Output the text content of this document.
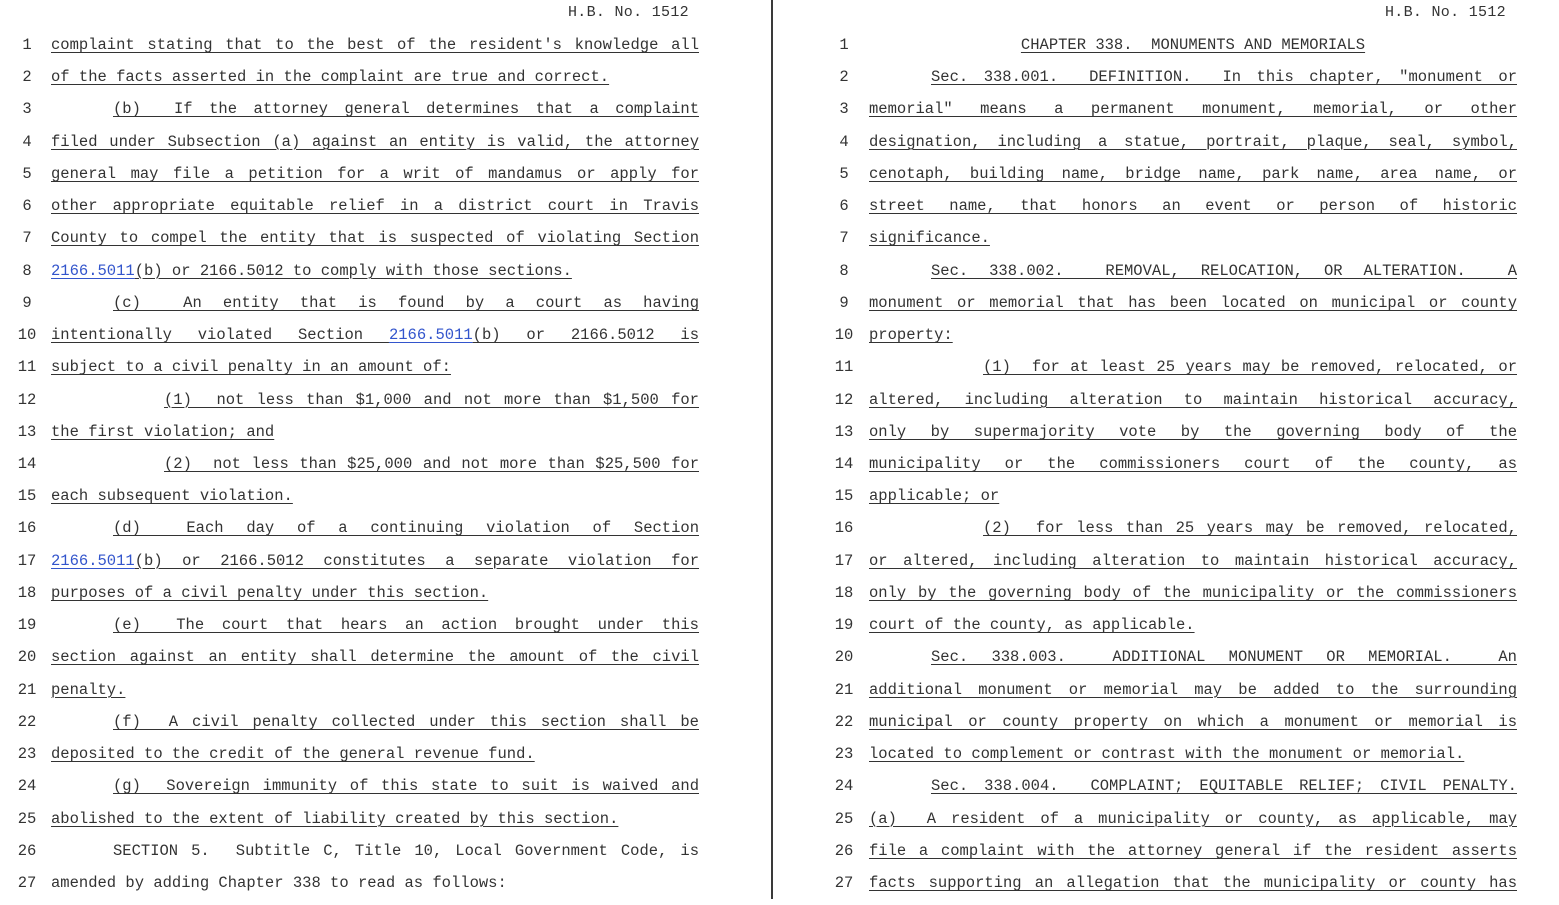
H.B. No. 1512
1	complaint stating that to the best of the resident's knowledge all
2	of the facts asserted in the complaint are true and correct.
3	(b)  If the attorney general determines that a complaint
4	filed under Subsection (a) against an entity is valid, the attorney
5	general may file a petition for a writ of mandamus or apply for
6	other appropriate equitable relief in a district court in Travis
7	County to compel the entity that is suspected of violating Section
8	2166.5011(b) or 2166.5012 to comply with those sections.
9	(c)  An entity that is found by a court as having
10 intentionally violated Section 2166.5011(b) or 2166.5012 is
11 subject to a civil penalty in an amount of:
12	(1)  not less than $1,000 and not more than $1,500 for
13 the first violation; and
14	(2)  not less than $25,000 and not more than $25,500 for
15 each subsequent violation.
16	(d)  Each day of a continuing violation of Section
17 2166.5011(b) or 2166.5012 constitutes a separate violation for
18 purposes of a civil penalty under this section.
19	(e)  The court that hears an action brought under this
20 section against an entity shall determine the amount of the civil
21 penalty.
22	(f)  A civil penalty collected under this section shall be
23 deposited to the credit of the general revenue fund.
24	(g)  Sovereign immunity of this state to suit is waived and
25 abolished to the extent of liability created by this section.
26	SECTION 5.  Subtitle C, Title 10, Local Government Code, is
27 amended by adding Chapter 338 to read as follows:
H.B. No. 1512
1	CHAPTER 338.  MONUMENTS AND MEMORIALS
2	Sec. 338.001.  DEFINITION.  In this chapter, "monument or
3	memorial" means a permanent monument, memorial, or other
4	designation, including a statue, portrait, plaque, seal, symbol,
5	cenotaph, building name, bridge name, park name, area name, or
6	street name, that honors an event or person of historic
7	significance.
8	Sec. 338.002.  REMOVAL, RELOCATION, OR ALTERATION.  A
9	monument or memorial that has been located on municipal or county
10	property:
11	(1)  for at least 25 years may be removed, relocated, or
12	altered, including alteration to maintain historical accuracy,
13	only by supermajority vote by the governing body of the
14	municipality or the commissioners court of the county, as
15	applicable; or
16	(2)  for less than 25 years may be removed, relocated,
17	or altered, including alteration to maintain historical accuracy,
18	only by the governing body of the municipality or the commissioners
19	court of the county, as applicable.
20	Sec. 338.003.  ADDITIONAL MONUMENT OR MEMORIAL.  An
21	additional monument or memorial may be added to the surrounding
22	municipal or county property on which a monument or memorial is
23	located to complement or contrast with the monument or memorial.
24	Sec. 338.004.  COMPLAINT; EQUITABLE RELIEF; CIVIL PENALTY.
25	(a)  A resident of a municipality or county, as applicable, may
26	file a complaint with the attorney general if the resident asserts
27	facts supporting an allegation that the municipality or county has
